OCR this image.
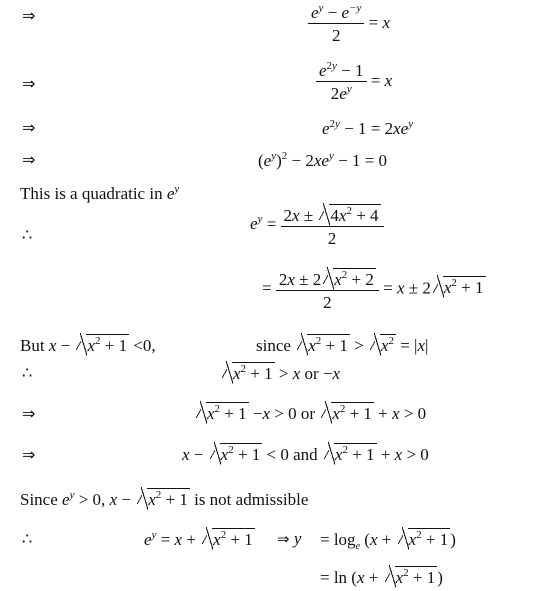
⇒	$\frac{e^y - e^{-y}}{2} = x$
⇒	$\frac{e^{2y} - 1}{2e^y} = x$
⇒	$e^{2y} - 1 = 2xe^y$
⇒	$(e^y)^2 - 2xe^y - 1 = 0$
This is a quadratic in $e^y$
∴
$e^y = \frac{2x \pm 4x^2 + 4}{2}$
= $\frac{2x \pm 2 x^2 + 2}{2} = x \pm 2$ $x^2 + 1$
But $x - x^2 + 1 <0$,	since $x^2 + 1 > x^2 = |x|$
∴	$x^2 + 1 > x$ or −x
⇒	$x^2 + 1 -x > 0$ or $x^2 + 1 + x > 0$
⇒	$x - x^2 + 1 < 0$ and $x^2 + 1 + x > 0$
Since $e^y > 0$, $x - x^2 + 1$ is not admissible
∴	$e^y = x + x^2 + 1$ ⇒ $y = \log_e (x + x^2 + 1$ )
= $\ln (x + x^2 + 1$ )
